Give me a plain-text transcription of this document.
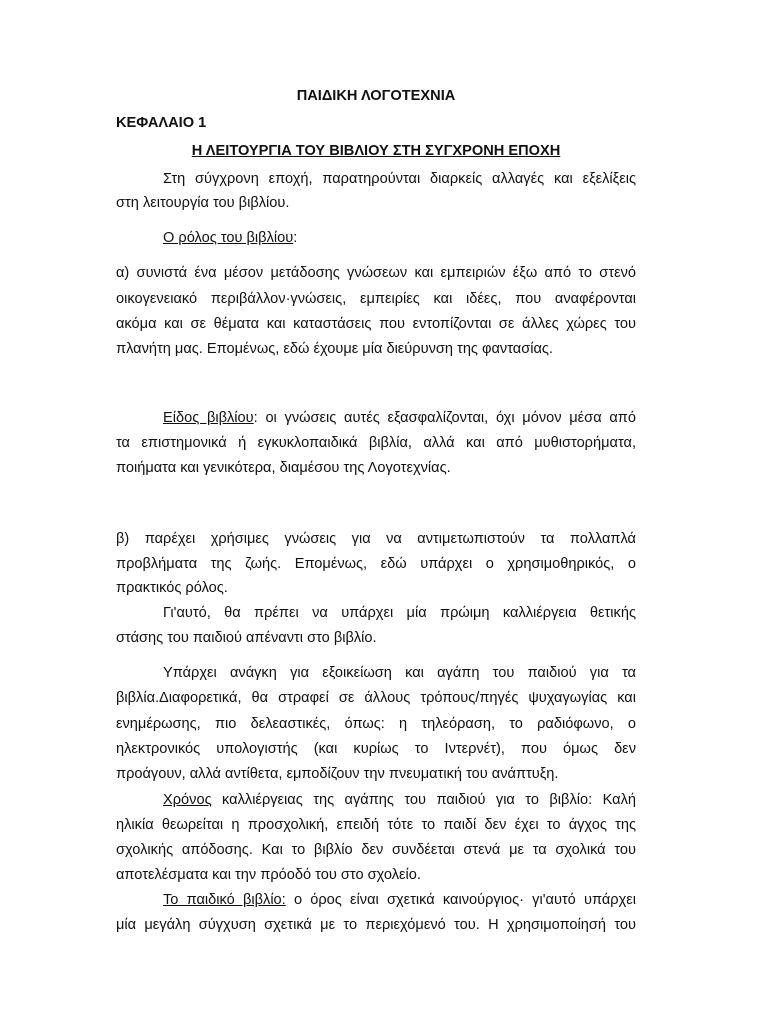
ΠΑΙΔΙΚΗ ΛΟΓΟΤΕΧΝΙΑ
ΚΕΦΑΛΑΙΟ 1
Η ΛΕΙΤΟΥΡΓΙΑ ΤΟΥ ΒΙΒΛΙΟΥ ΣΤΗ ΣΥΓΧΡΟΝΗ ΕΠΟΧΗ
Στη σύγχρονη εποχή, παρατηρούνται διαρκείς αλλαγές και εξελίξεις
στη λειτουργία του βιβλίου.
Ο ρόλος του βιβλίου:
α) συνιστά ένα μέσον μετάδοσης γνώσεων και εμπειριών έξω από το στενό
οικογενειακό περιβάλλον·γνώσεις, εμπειρίες και ιδέες, που αναφέρονται
ακόμα και σε θέματα και καταστάσεις που εντοπίζονται σε άλλες χώρες του
πλανήτη μας. Επομένως, εδώ έχουμε μία διεύρυνση της φαντασίας.
Είδος βιβλίου: οι γνώσεις αυτές εξασφαλίζονται, όχι μόνον μέσα από
τα επιστημονικά ή εγκυκλοπαιδικά βιβλία, αλλά και από μυθιστορήματα,
ποιήματα και γενικότερα, διαμέσου της Λογοτεχνίας.
β) παρέχει χρήσιμες γνώσεις για να αντιμετωπιστούν τα πολλαπλά
προβλήματα της ζωής. Επομένως, εδώ υπάρχει ο χρησιμοθηρικός, ο
πρακτικός ρόλος.
Γι'αυτό, θα πρέπει να υπάρχει μία πρώιμη καλλιέργεια θετικής
στάσης του παιδιού απέναντι στο βιβλίο.
Υπάρχει ανάγκη για εξοικείωση και αγάπη του παιδιού για τα
βιβλία.Διαφορετικά, θα στραφεί σε άλλους τρόπους/πηγές ψυχαγωγίας και
ενημέρωσης, πιο δελεαστικές, όπως: η τηλεόραση, το ραδιόφωνο, ο
ηλεκτρονικός υπολογιστής (και κυρίως το Ιντερνέτ), που όμως δεν
προάγουν, αλλά αντίθετα, εμποδίζουν την πνευματική του ανάπτυξη.
Χρόνος καλλιέργειας της αγάπης του παιδιού για το βιβλίο: Καλή
ηλικία θεωρείται η προσχολική, επειδή τότε το παιδί δεν έχει το άγχος της
σχολικής απόδοσης. Και το βιβλίο δεν συνδέεται στενά με τα σχολικά του
αποτελέσματα και την πρόοδό του στο σχολείο.
Το παιδικό βιβλίο: ο όρος είναι σχετικά καινούργιος· γι'αυτό υπάρχει
μία μεγάλη σύγχυση σχετικά με το περιεχόμενό του. Η χρησιμοποίησή του
